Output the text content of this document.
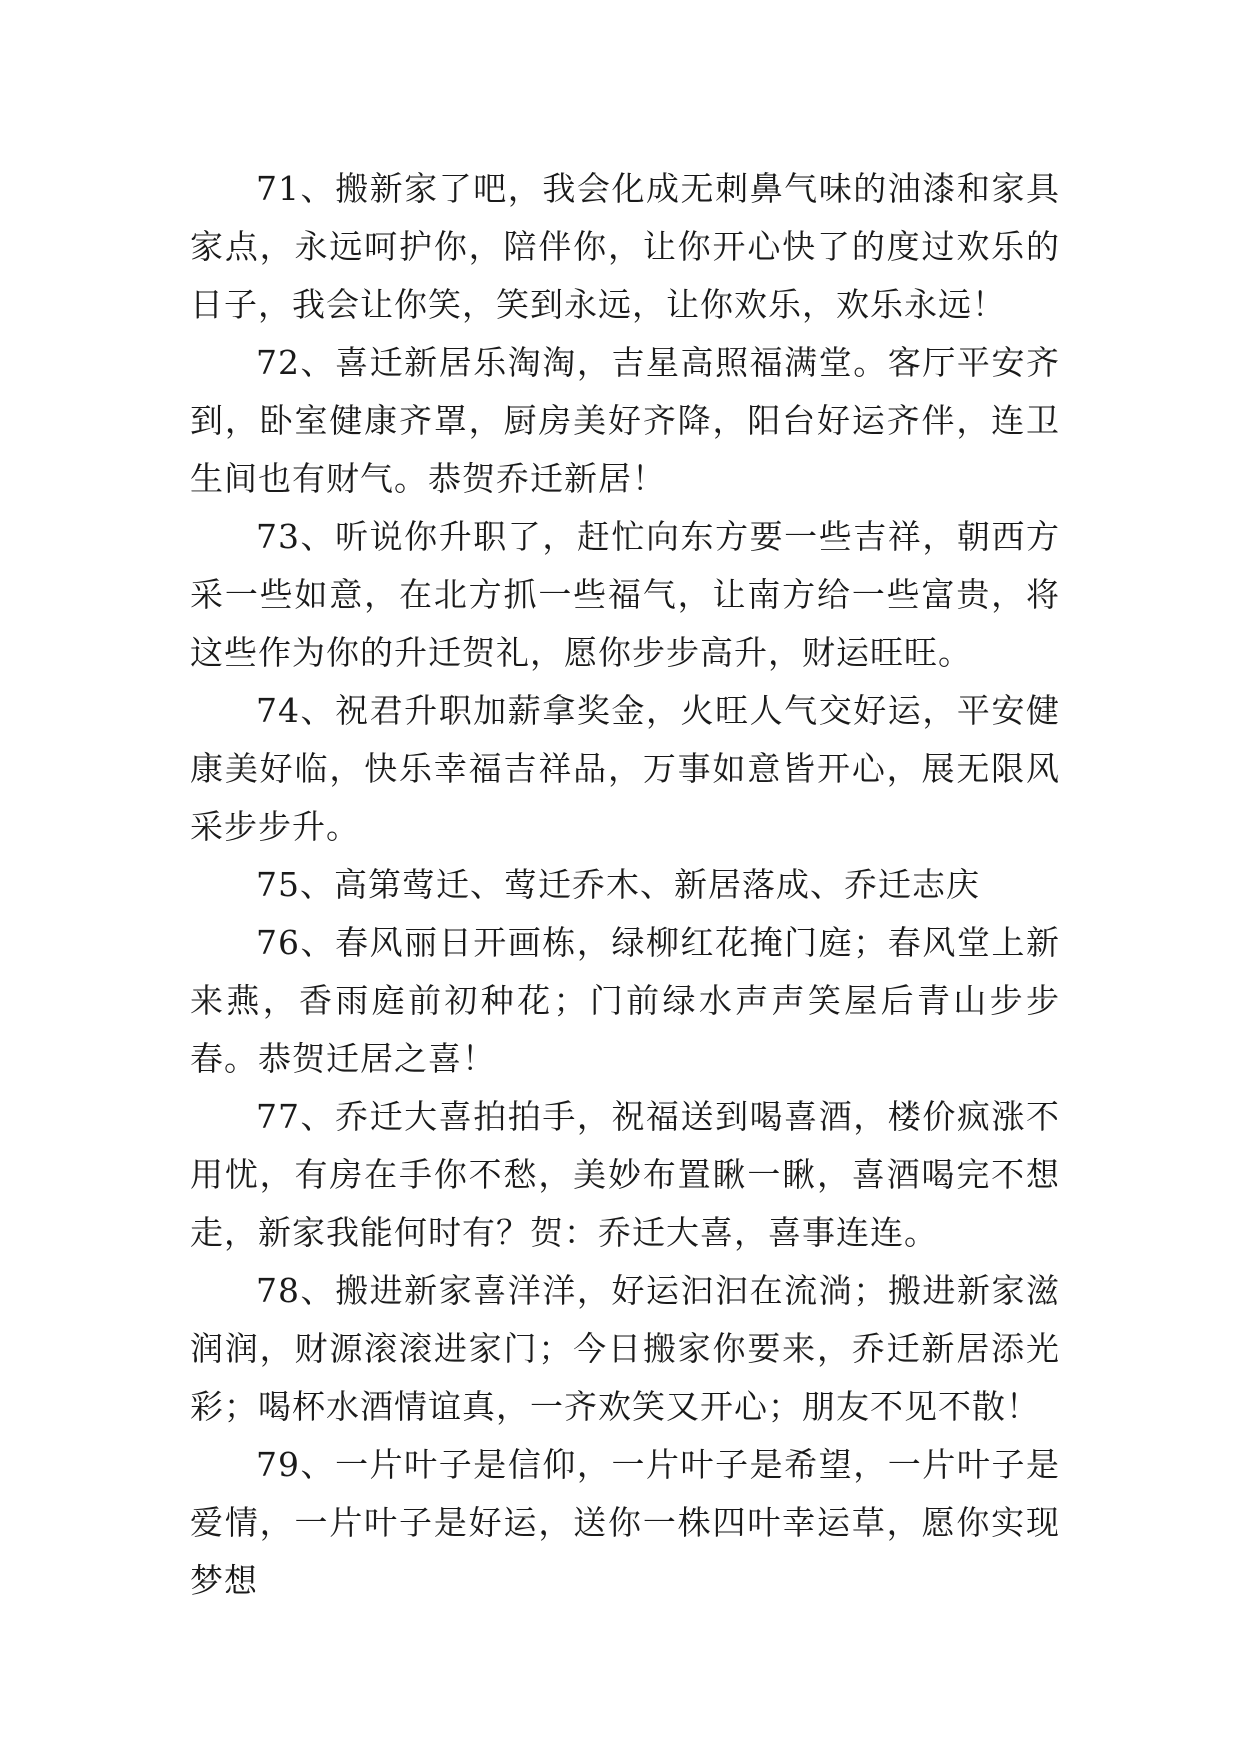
71、搬新家了吧，我会化成无刺鼻气味的油漆和家具家点，永远呵护你，陪伴你，让你开心快了的度过欢乐的日子，我会让你笑，笑到永远，让你欢乐，欢乐永远！

72、喜迁新居乐淘淘，吉星高照福满堂。客厅平安齐到，卧室健康齐罩，厨房美好齐降，阳台好运齐伴，连卫生间也有财气。恭贺乔迁新居！

73、听说你升职了，赶忙向东方要一些吉祥，朝西方采一些如意，在北方抓一些福气，让南方给一些富贵，将这些作为你的升迁贺礼，愿你步步高升，财运旺旺。

74、祝君升职加薪拿奖金，火旺人气交好运，平安健康美好临，快乐幸福吉祥品，万事如意皆开心，展无限风采步步升。

75、高第莺迁、莺迁乔木、新居落成、乔迁志庆

76、春风丽日开画栋，绿柳红花掩门庭；春风堂上新来燕，香雨庭前初种花；门前绿水声声笑屋后青山步步春。恭贺迁居之喜！

77、乔迁大喜拍拍手，祝福送到喝喜酒，楼价疯涨不用忧，有房在手你不愁，美妙布置瞅一瞅，喜酒喝完不想走，新家我能何时有？贺：乔迁大喜，喜事连连。

78、搬进新家喜洋洋，好运汩汩在流淌；搬进新家滋润润，财源滚滚进家门；今日搬家你要来，乔迁新居添光彩；喝杯水酒情谊真，一齐欢笑又开心；朋友不见不散！

79、一片叶子是信仰，一片叶子是希望，一片叶子是爱情，一片叶子是好运，送你一株四叶幸运草，愿你实现梦想
